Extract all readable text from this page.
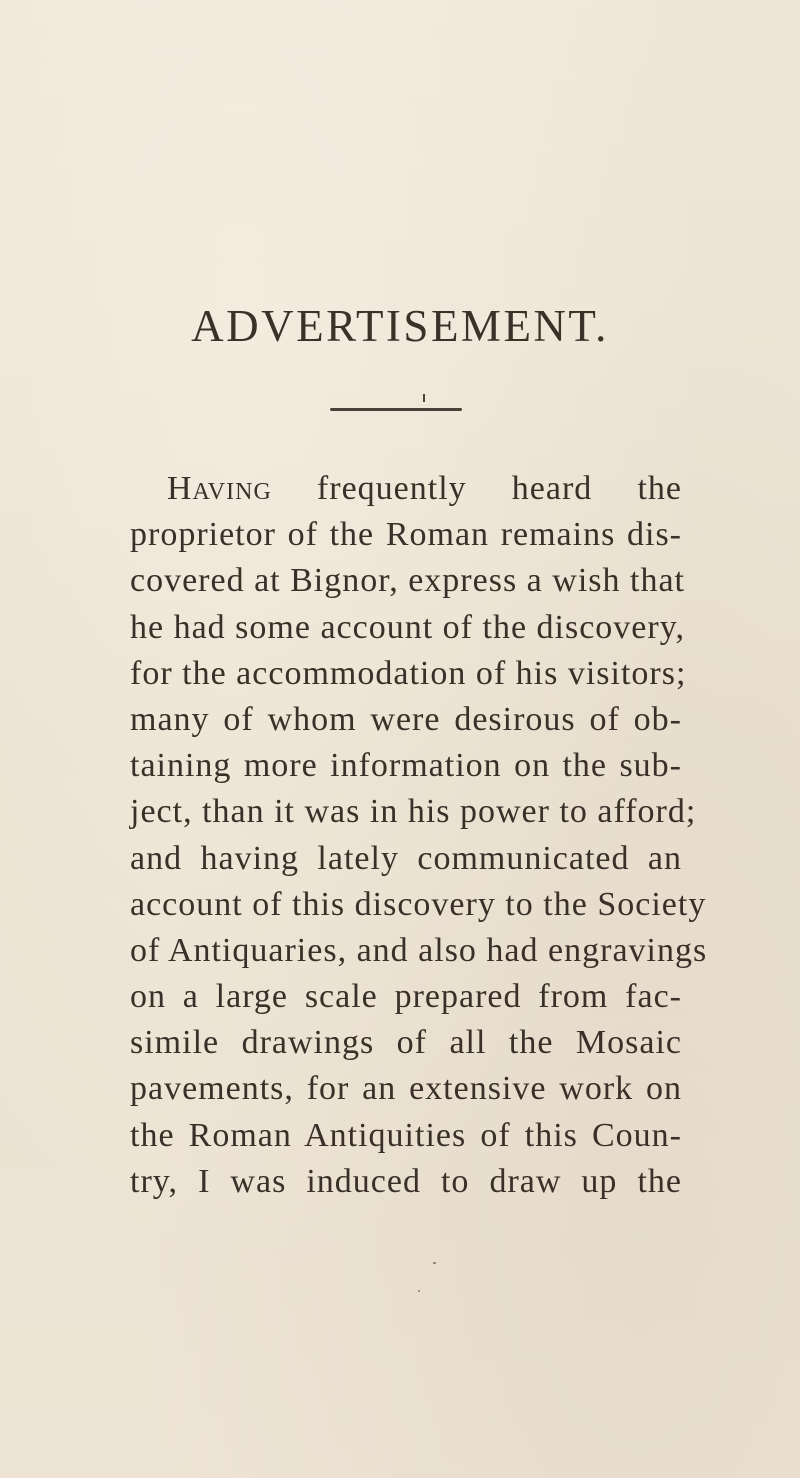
ADVERTISEMENT.
Having frequently heard the
proprietor of the Roman remains dis-
covered at Bignor, express a wish that
he had some account of the discovery,
for the accommodation of his visitors;
many of whom were desirous of ob-
taining more information on the sub-
ject, than it was in his power to afford;
and having lately communicated an
account of this discovery to the Society
of Antiquaries, and also had engravings
on a large scale prepared from fac-
simile drawings of all the Mosaic
pavements, for an extensive work on
the Roman Antiquities of this Coun-
try, I was induced to draw up the
